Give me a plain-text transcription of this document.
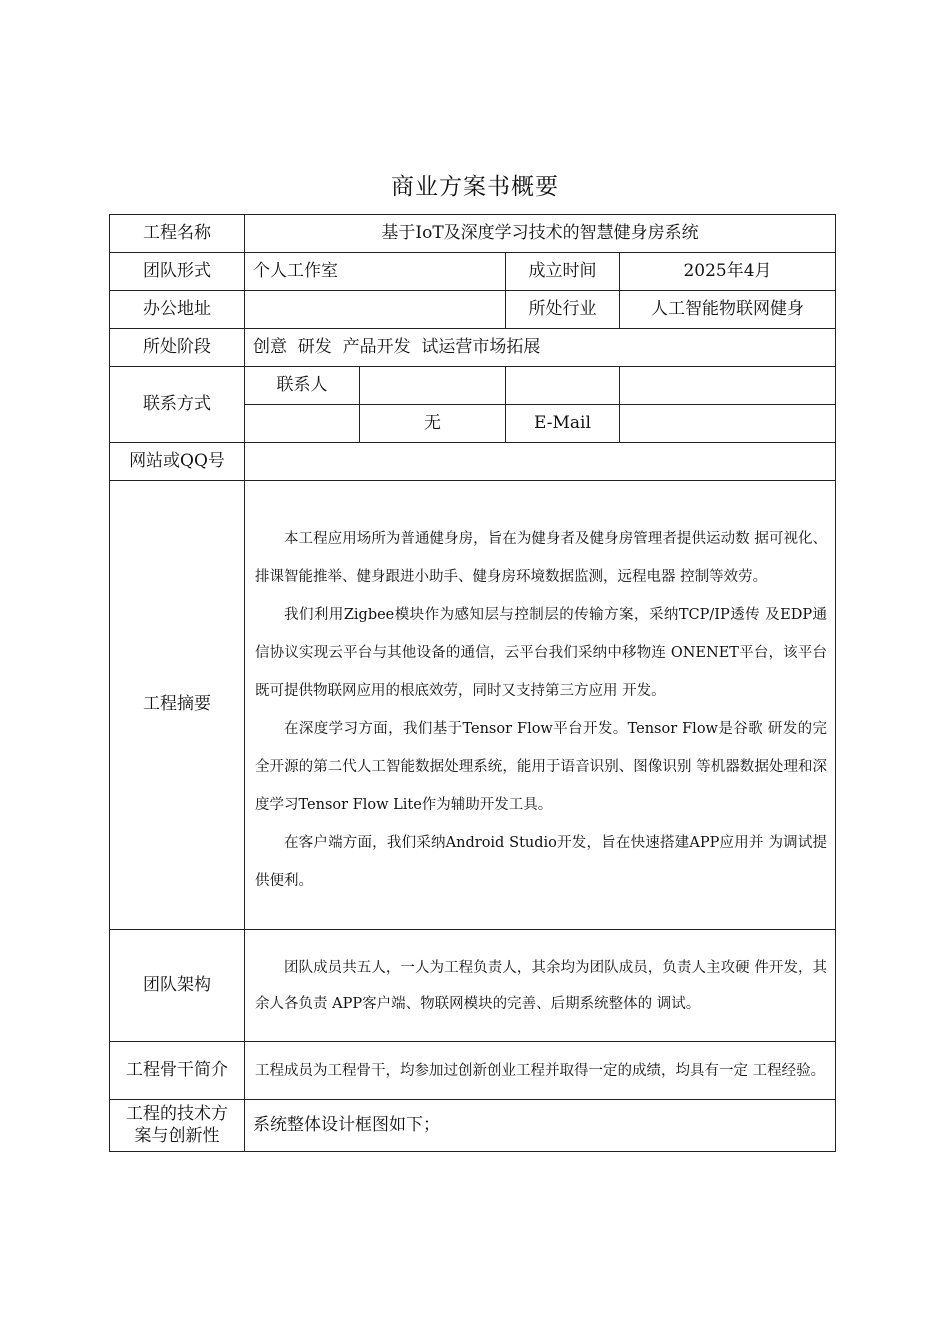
商业方案书概要
工程名称	基于IoT及深度学习技术的智慧健身房系统			
团队形式	个人工作室		成立时间	2025年4月
办公地址			所处行业	人工智能物联网健身
所处阶段	创意  研发  产品开发  试运营市场拓展			
联系方式	联系人			
		无	E-Mail	
网站或QQ号				
工程摘要	本工程应用场所为普通健身房，旨在为健身者及健身房管理者提供运动数 据可视化、排课智能推举、健身跟进小助手、健身房环境数据监测，远程电器 控制等效劳。

我们利用Zigbee模块作为感知层与控制层的传输方案，采纳TCP/IP透传 及EDP通信协议实现云平台与其他设备的通信，云平台我们采纳中移物连 ONENET平台，该平台既可提供物联网应用的根底效劳，同时又支持第三方应用 开发。

在深度学习方面，我们基于Tensor Flow平台开发。Tensor Flow是谷歌 研发的完全开源的第二代人工智能数据处理系统，能用于语音识别、图像识别 等机器数据处理和深度学习Tensor Flow Lite作为辅助开发工具。

在客户端方面，我们采纳Android Studio开发，旨在快速搭建APP应用并 为调试提供便利。			

团队架构	团队成员共五人，一人为工程负责人，其余均为团队成员，负责人主攻硬 件开发，其余人各负责 APP客户端、物联网模块的完善、后期系统整体的 调试。			

工程骨干简介	工程成员为工程骨干，均参加过创新创业工程并取得一定的成绩，均具有一定 工程经验。			

工程的技术方案与创新性	系统整体设计框图如下；			
